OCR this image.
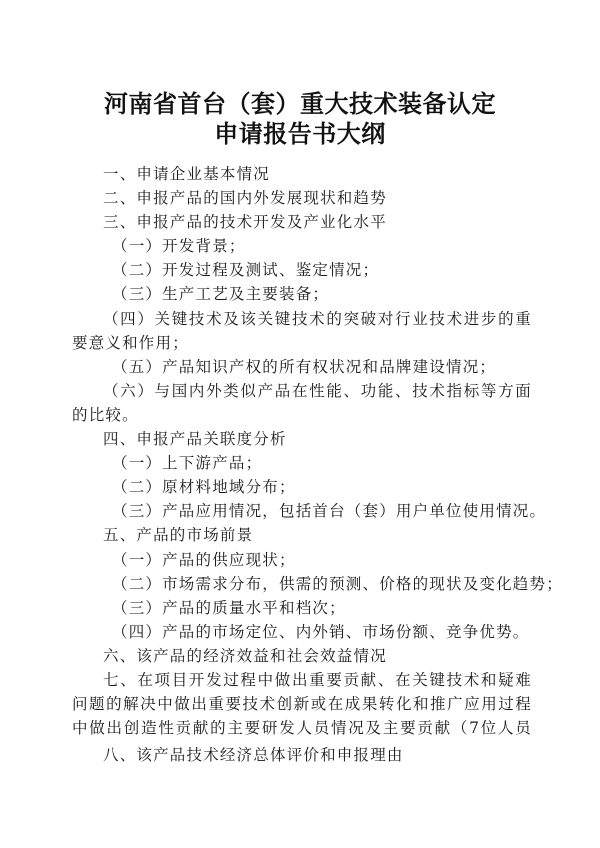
河南省首台（套）重大技术装备认定
申请报告书大纲
一、申请企业基本情况
二、申报产品的国内外发展现状和趋势
三、申报产品的技术开发及产业化水平
（一）开发背景；
（二）开发过程及测试、鉴定情况；
（三）生产工艺及主要装备；
（四）关键技术及该关键技术的突破对行业技术进步的重要意义和作用；
（五）产品知识产权的所有权状况和品牌建设情况；
（六）与国内外类似产品在性能、功能、技术指标等方面的比较。
四、申报产品关联度分析
（一）上下游产品；
（二）原材料地域分布；
（三）产品应用情况，包括首台（套）用户单位使用情况。
五、产品的市场前景
（一）产品的供应现状；
（二）市场需求分布，供需的预测、价格的现状及变化趋势；
（三）产品的质量水平和档次；
（四）产品的市场定位、内外销、市场份额、竞争优势。
六、该产品的经济效益和社会效益情况
七、在项目开发过程中做出重要贡献、在关键技术和疑难问题的解决中做出重要技术创新或在成果转化和推广应用过程中做出创造性贡献的主要研发人员情况及主要贡献（7位人员
八、该产品技术经济总体评价和申报理由
